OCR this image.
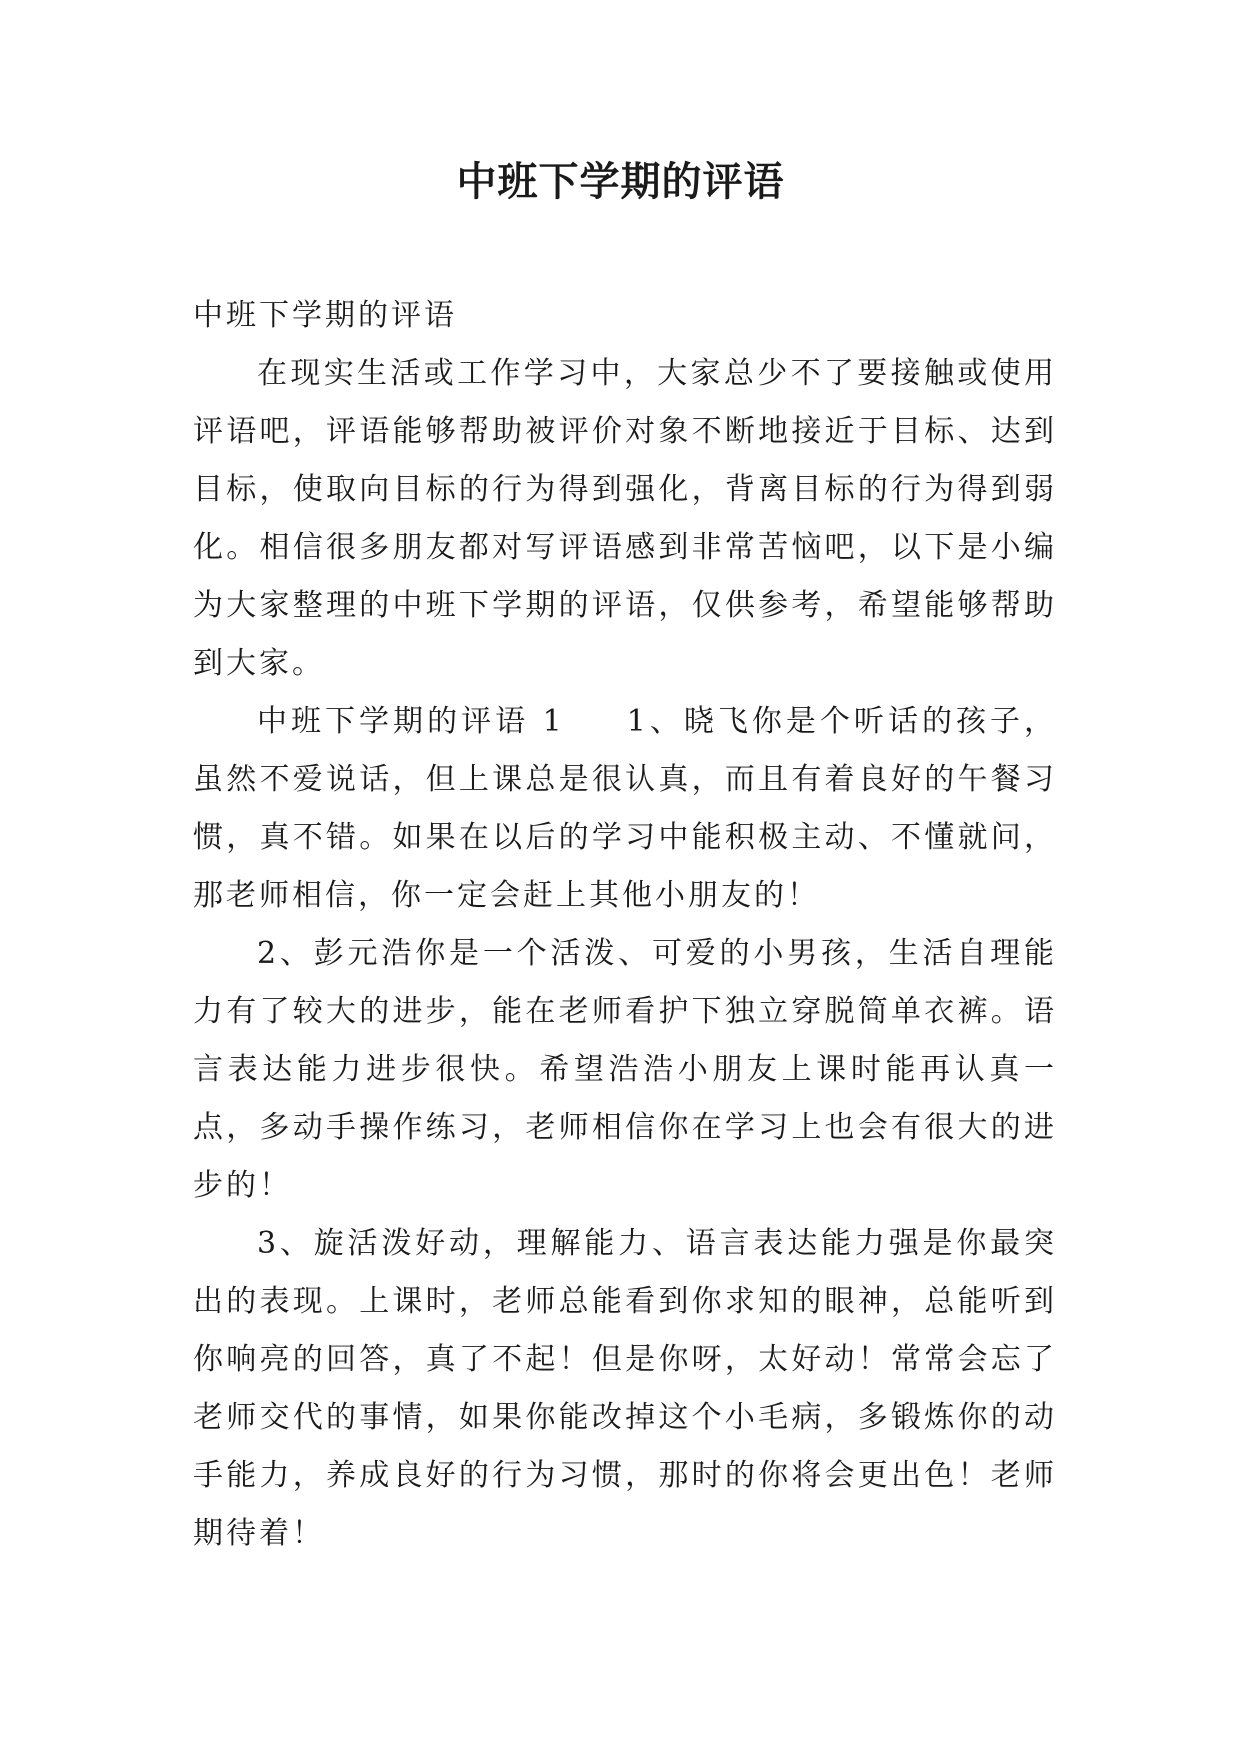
中班下学期的评语

中班下学期的评语

在现实生活或工作学习中，大家总少不了要接触或使用评语吧，评语能够帮助被评价对象不断地接近于目标、达到目标，使取向目标的行为得到强化，背离目标的行为得到弱化。相信很多朋友都对写评语感到非常苦恼吧，以下是小编为大家整理的中班下学期的评语，仅供参考，希望能够帮助到大家。

中班下学期的评语 1 1、晓飞你是个听话的孩子，虽然不爱说话，但上课总是很认真，而且有着良好的午餐习惯，真不错。如果在以后的学习中能积极主动、不懂就问，那老师相信，你一定会赶上其他小朋友的！

2、彭元浩你是一个活泼、可爱的小男孩，生活自理能力有了较大的进步，能在老师看护下独立穿脱简单衣裤。语言表达能力进步很快。希望浩浩小朋友上课时能再认真一点，多动手操作练习，老师相信你在学习上也会有很大的进步的！

3、旋活泼好动，理解能力、语言表达能力强是你最突出的表现。上课时，老师总能看到你求知的眼神，总能听到你响亮的回答，真了不起！但是你呀，太好动！常常会忘了老师交代的事情，如果你能改掉这个小毛病，多锻炼你的动手能力，养成良好的行为习惯，那时的你将会更出色！老师期待着！
